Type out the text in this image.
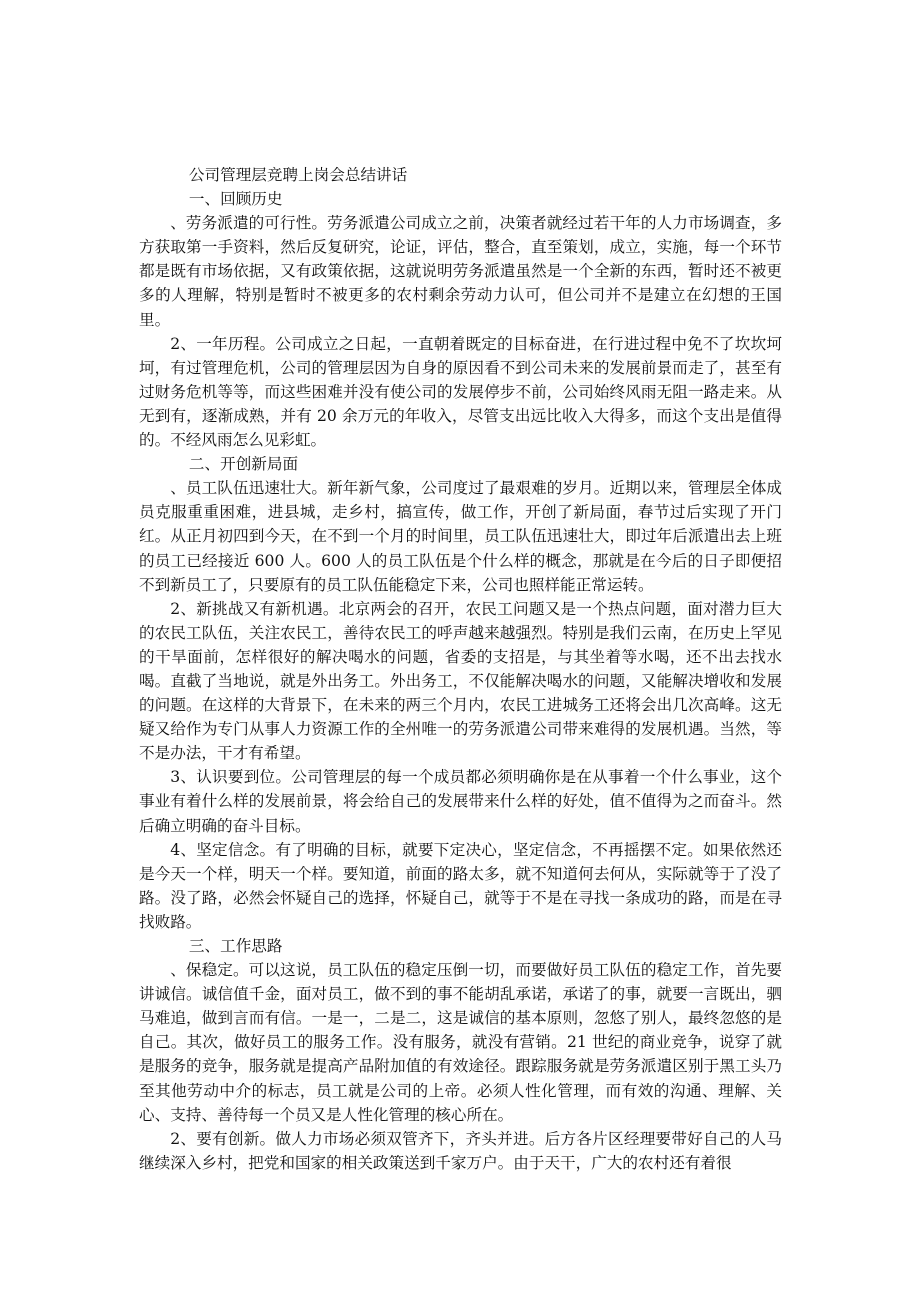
公司管理层竞聘上岗会总结讲话

一、回顾历史

、劳务派遣的可行性。劳务派遣公司成立之前，决策者就经过若干年的人力市场调查，多方获取第一手资料，然后反复研究，论证，评估，整合，直至策划，成立，实施，每一个环节都是既有市场依据，又有政策依据，这就说明劳务派遣虽然是一个全新的东西，暂时还不被更多的人理解，特别是暂时不被更多的农村剩余劳动力认可，但公司并不是建立在幻想的王国里。

2、一年历程。公司成立之日起，一直朝着既定的目标奋进，在行进过程中免不了坎坎坷坷，有过管理危机，公司的管理层因为自身的原因看不到公司未来的发展前景而走了，甚至有过财务危机等等，而这些困难并没有使公司的发展停步不前，公司始终风雨无阻一路走来。从无到有，逐渐成熟，并有 20 余万元的年收入，尽管支出远比收入大得多，而这个支出是值得的。不经风雨怎么见彩虹。

二、开创新局面

、员工队伍迅速壮大。新年新气象，公司度过了最艰难的岁月。近期以来，管理层全体成员克服重重困难，进县城，走乡村，搞宣传，做工作，开创了新局面，春节过后实现了开门红。从正月初四到今天，在不到一个月的时间里，员工队伍迅速壮大，即过年后派遣出去上班的员工已经接近 600 人。600 人的员工队伍是个什么样的概念，那就是在今后的日子即便招不到新员工了，只要原有的员工队伍能稳定下来，公司也照样能正常运转。

2、新挑战又有新机遇。北京两会的召开，农民工问题又是一个热点问题，面对潜力巨大的农民工队伍，关注农民工，善待农民工的呼声越来越强烈。特别是我们云南，在历史上罕见的干旱面前，怎样很好的解决喝水的问题，省委的支招是，与其坐着等水喝，还不出去找水喝。直截了当地说，就是外出务工。外出务工，不仅能解决喝水的问题，又能解决增收和发展的问题。在这样的大背景下，在未来的两三个月内，农民工进城务工还将会出几次高峰。这无疑又给作为专门从事人力资源工作的全州唯一的劳务派遣公司带来难得的发展机遇。当然，等不是办法，干才有希望。

3、认识要到位。公司管理层的每一个成员都必须明确你是在从事着一个什么事业，这个事业有着什么样的发展前景，将会给自己的发展带来什么样的好处，值不值得为之而奋斗。然后确立明确的奋斗目标。

4、坚定信念。有了明确的目标，就要下定决心，坚定信念，不再摇摆不定。如果依然还是今天一个样，明天一个样。要知道，前面的路太多，就不知道何去何从，实际就等于了没了路。没了路，必然会怀疑自己的选择，怀疑自己，就等于不是在寻找一条成功的路，而是在寻找败路。

三、工作思路

、保稳定。可以这说，员工队伍的稳定压倒一切，而要做好员工队伍的稳定工作，首先要讲诚信。诚信值千金，面对员工，做不到的事不能胡乱承诺，承诺了的事，就要一言既出，驷马难追，做到言而有信。一是一，二是二，这是诚信的基本原则，忽悠了别人，最终忽悠的是自己。其次，做好员工的服务工作。没有服务，就没有营销。21 世纪的商业竞争，说穿了就是服务的竞争，服务就是提高产品附加值的有效途径。跟踪服务就是劳务派遣区别于黑工头乃至其他劳动中介的标志，员工就是公司的上帝。必须人性化管理，而有效的沟通、理解、关心、支持、善待每一个员又是人性化管理的核心所在。

2、要有创新。做人力市场必须双管齐下，齐头并进。后方各片区经理要带好自己的人马继续深入乡村，把党和国家的相关政策送到千家万户。由于天干，广大的农村还有着很
